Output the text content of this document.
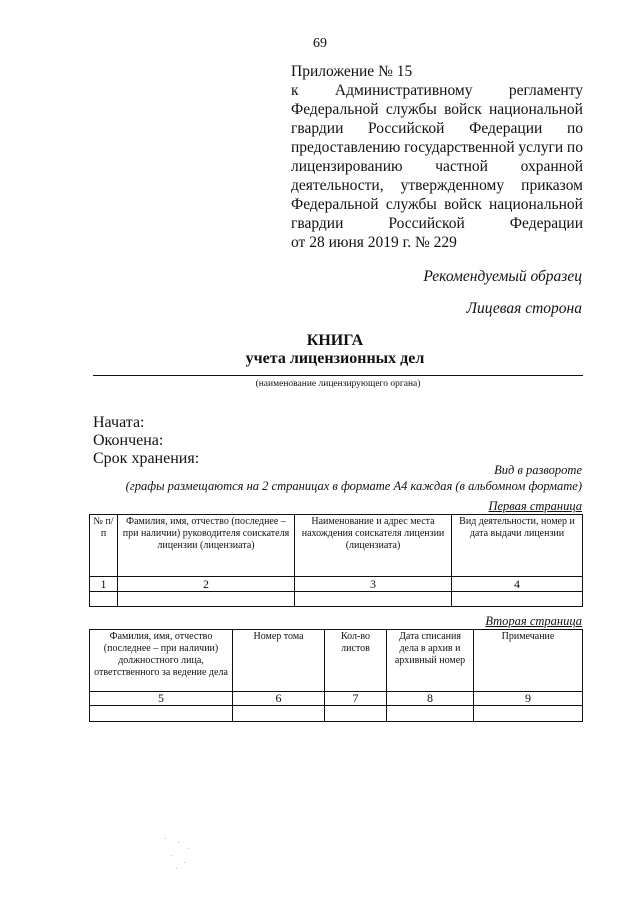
69
Приложение № 15
к Административному регламенту
Федеральной службы войск национальной
гвардии Российской Федерации по
предоставлению государственной услуги по
лицензированию частной охранной
деятельности, утвержденному приказом
Федеральной службы войск национальной
гвардии	Российской	Федерации
от 28 июня 2019 г. № 229
Рекомендуемый образец
Лицевая сторона
КНИГА
учета лицензионных дел
(наименование лицензирующего органа)
Начата:
Окончена:
Срок хранения:
Вид в развороте
(графы размещаются на 2 страницах в формате А4 каждая (в альбомном формате)
Первая страница
№ п/п	Фамилия, имя, отчество (последнее – при наличии) руководителя соискателя лицензии (лицензиата)	Наименование и адрес места нахождения соискателя лицензии (лицензиата)	Вид деятельности, номер и дата выдачи лицензии
1	2	3	4

Вторая страница
Фамилия, имя, отчество (последнее – при наличии) должностного лица, ответственного за ведение дела	Номер тома	Кол-во листов	Дата списания дела в архив и архивный номер	Примечание
5	6	7	8	9
